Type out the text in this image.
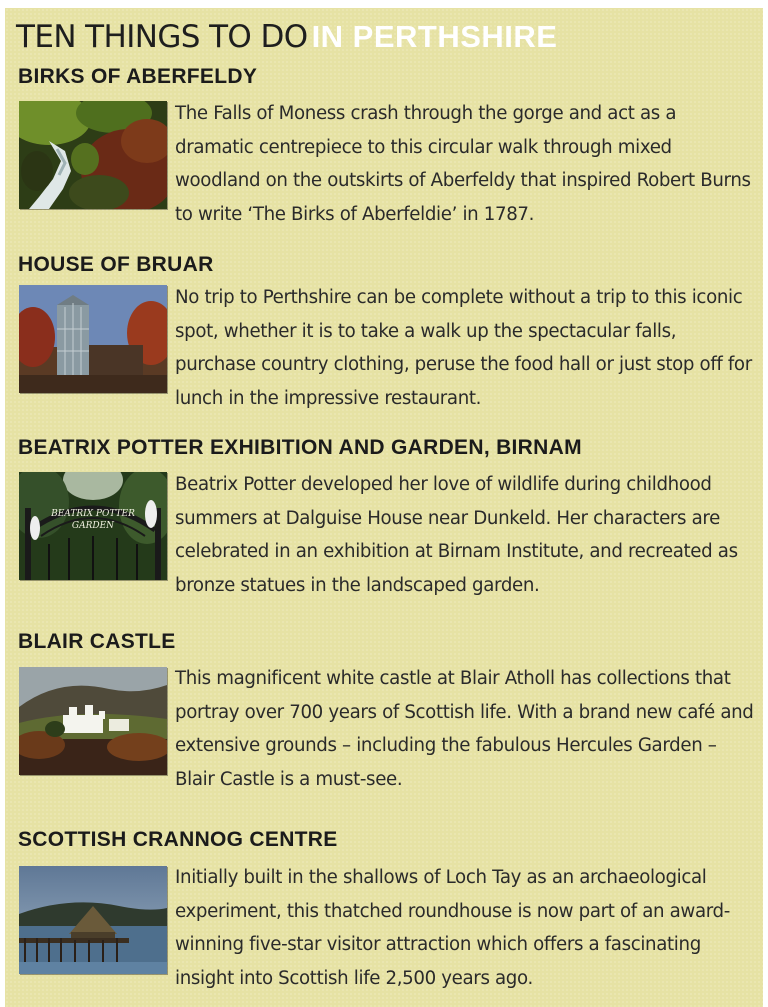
TEN THINGS TO DO IN PERTHSHIRE
BIRKS OF ABERFELDY

The Falls of Moness crash through the gorge and act as a dramatic centrepiece to this circular walk through mixed woodland on the outskirts of Aberfeldy that inspired Robert Burns to write ‘The Birks of Aberfeldie’ in 1787.

HOUSE OF BRUAR

No trip to Perthshire can be complete without a trip to this iconic spot, whether it is to take a walk up the spectacular falls, purchase country clothing, peruse the food hall or just stop off for lunch in the impressive restaurant.

BEATRIX POTTER EXHIBITION AND GARDEN, BIRNAM
BEATRIX POTTER
GARDEN

Beatrix Potter developed her love of wildlife during childhood summers at Dalguise House near Dunkeld. Her characters are celebrated in an exhibition at Birnam Institute, and recreated as bronze statues in the landscaped garden.

BLAIR CASTLE

This magnificent white castle at Blair Atholl has collections that portray over 700 years of Scottish life. With a brand new café and extensive grounds – including the fabulous Hercules Garden – Blair Castle is a must-see.

SCOTTISH CRANNOG CENTRE

Initially built in the shallows of Loch Tay as an archaeological experiment, this thatched roundhouse is now part of an award-winning five-star visitor attraction which offers a fascinating insight into Scottish life 2,500 years ago.
